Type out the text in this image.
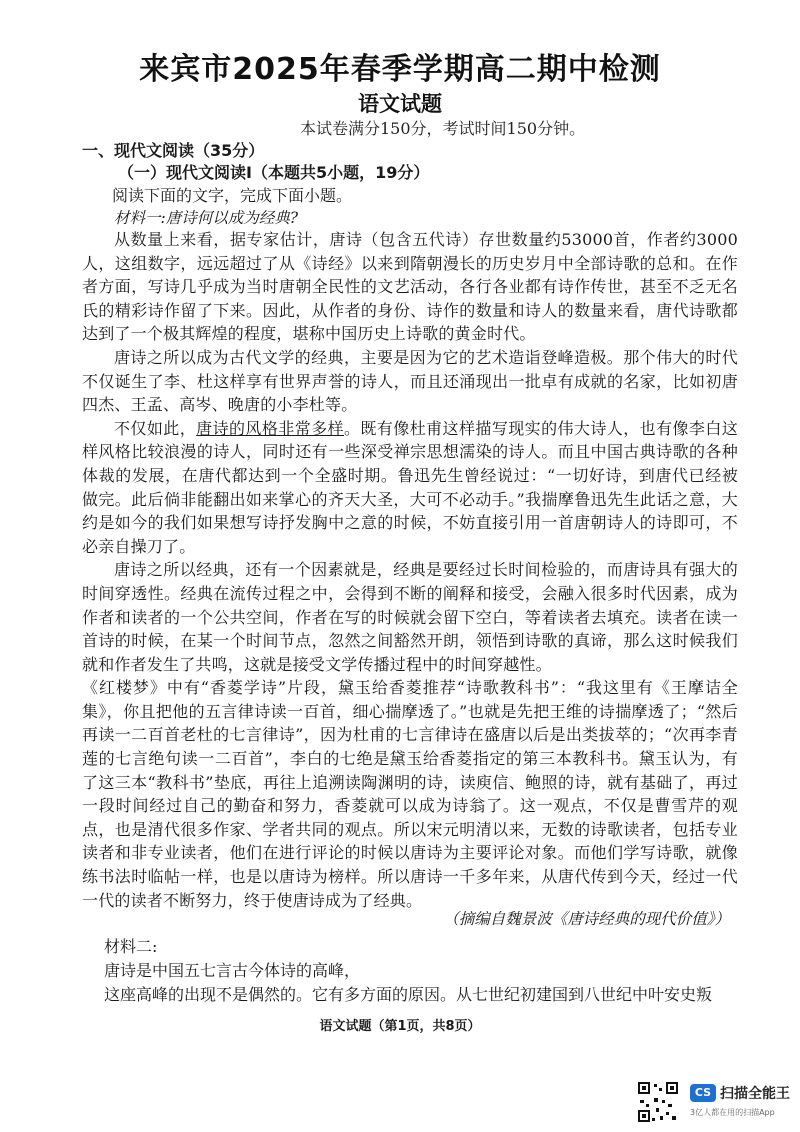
来宾市2025年春季学期高二期中检测
语文试题
本试卷满分150分，考试时间150分钟。
一、现代文阅读（35分）
（一）现代文阅读Ⅰ（本题共5小题，19分）
阅读下面的文字，完成下面小题。
材料一:唐诗何以成为经典?

从数量上来看，据专家估计，唐诗（包含五代诗）存世数量约53000首，作者约3000人，这组数字，远远超过了从《诗经》以来到隋朝漫长的历史岁月中全部诗歌的总和。在作者方面，写诗几乎成为当时唐朝全民性的文艺活动，各行各业都有诗作传世，甚至不乏无名氏的精彩诗作留了下来。因此，从作者的身份、诗作的数量和诗人的数量来看，唐代诗歌都达到了一个极其辉煌的程度，堪称中国历史上诗歌的黄金时代。

唐诗之所以成为古代文学的经典，主要是因为它的艺术造诣登峰造极。那个伟大的时代不仅诞生了李、杜这样享有世界声誉的诗人，而且还涌现出一批卓有成就的名家，比如初唐四杰、王孟、高岑、晚唐的小李杜等。

不仅如此，唐诗的风格非常多样。既有像杜甫这样描写现实的伟大诗人，也有像李白这样风格比较浪漫的诗人，同时还有一些深受禅宗思想濡染的诗人。而且中国古典诗歌的各种体裁的发展，在唐代都达到一个全盛时期。鲁迅先生曾经说过：“一切好诗，到唐代已经被做完。此后倘非能翻出如来掌心的齐天大圣，大可不必动手。”我揣摩鲁迅先生此话之意，大约是如今的我们如果想写诗抒发胸中之意的时候，不妨直接引用一首唐朝诗人的诗即可，不必亲自操刀了。

唐诗之所以经典，还有一个因素就是，经典是要经过长时间检验的，而唐诗具有强大的时间穿透性。经典在流传过程之中，会得到不断的阐释和接受，会融入很多时代因素，成为作者和读者的一个公共空间，作者在写的时候就会留下空白，等着读者去填充。读者在读一首诗的时候，在某一个时间节点，忽然之间豁然开朗，领悟到诗歌的真谛，那么这时候我们就和作者发生了共鸣，这就是接受文学传播过程中的时间穿越性。

《红楼梦》中有“香菱学诗”片段，黛玉给香菱推荐“诗歌教科书”：“我这里有《王摩诘全集》，你且把他的五言律诗读一百首，细心揣摩透了。”也就是先把王维的诗揣摩透了；“然后再读一二百首老杜的七言律诗”，因为杜甫的七言律诗在盛唐以后是出类拔萃的；“次再李青莲的七言绝句读一二百首”，李白的七绝是黛玉给香菱指定的第三本教科书。黛玉认为，有了这三本“教科书”垫底，再往上追溯读陶渊明的诗，读庾信、鲍照的诗，就有基础了，再过一段时间经过自己的勤奋和努力，香菱就可以成为诗翁了。这一观点，不仅是曹雪芹的观点，也是清代很多作家、学者共同的观点。所以宋元明清以来，无数的诗歌读者，包括专业读者和非专业读者，他们在进行评论的时候以唐诗为主要评论对象。而他们学写诗歌，就像练书法时临帖一样，也是以唐诗为榜样。所以唐诗一千多年来，从唐代传到今天，经过一代一代的读者不断努力，终于使唐诗成为了经典。

（摘编自魏景波《唐诗经典的现代价值》）
材料二:
唐诗是中国五七言古今体诗的高峰，
这座高峰的出现不是偶然的。它有多方面的原因。从七世纪初建国到八世纪中叶安史叛
语文试题（第1页，共8页）
CS 扫描全能王
3亿人都在用的扫描App
